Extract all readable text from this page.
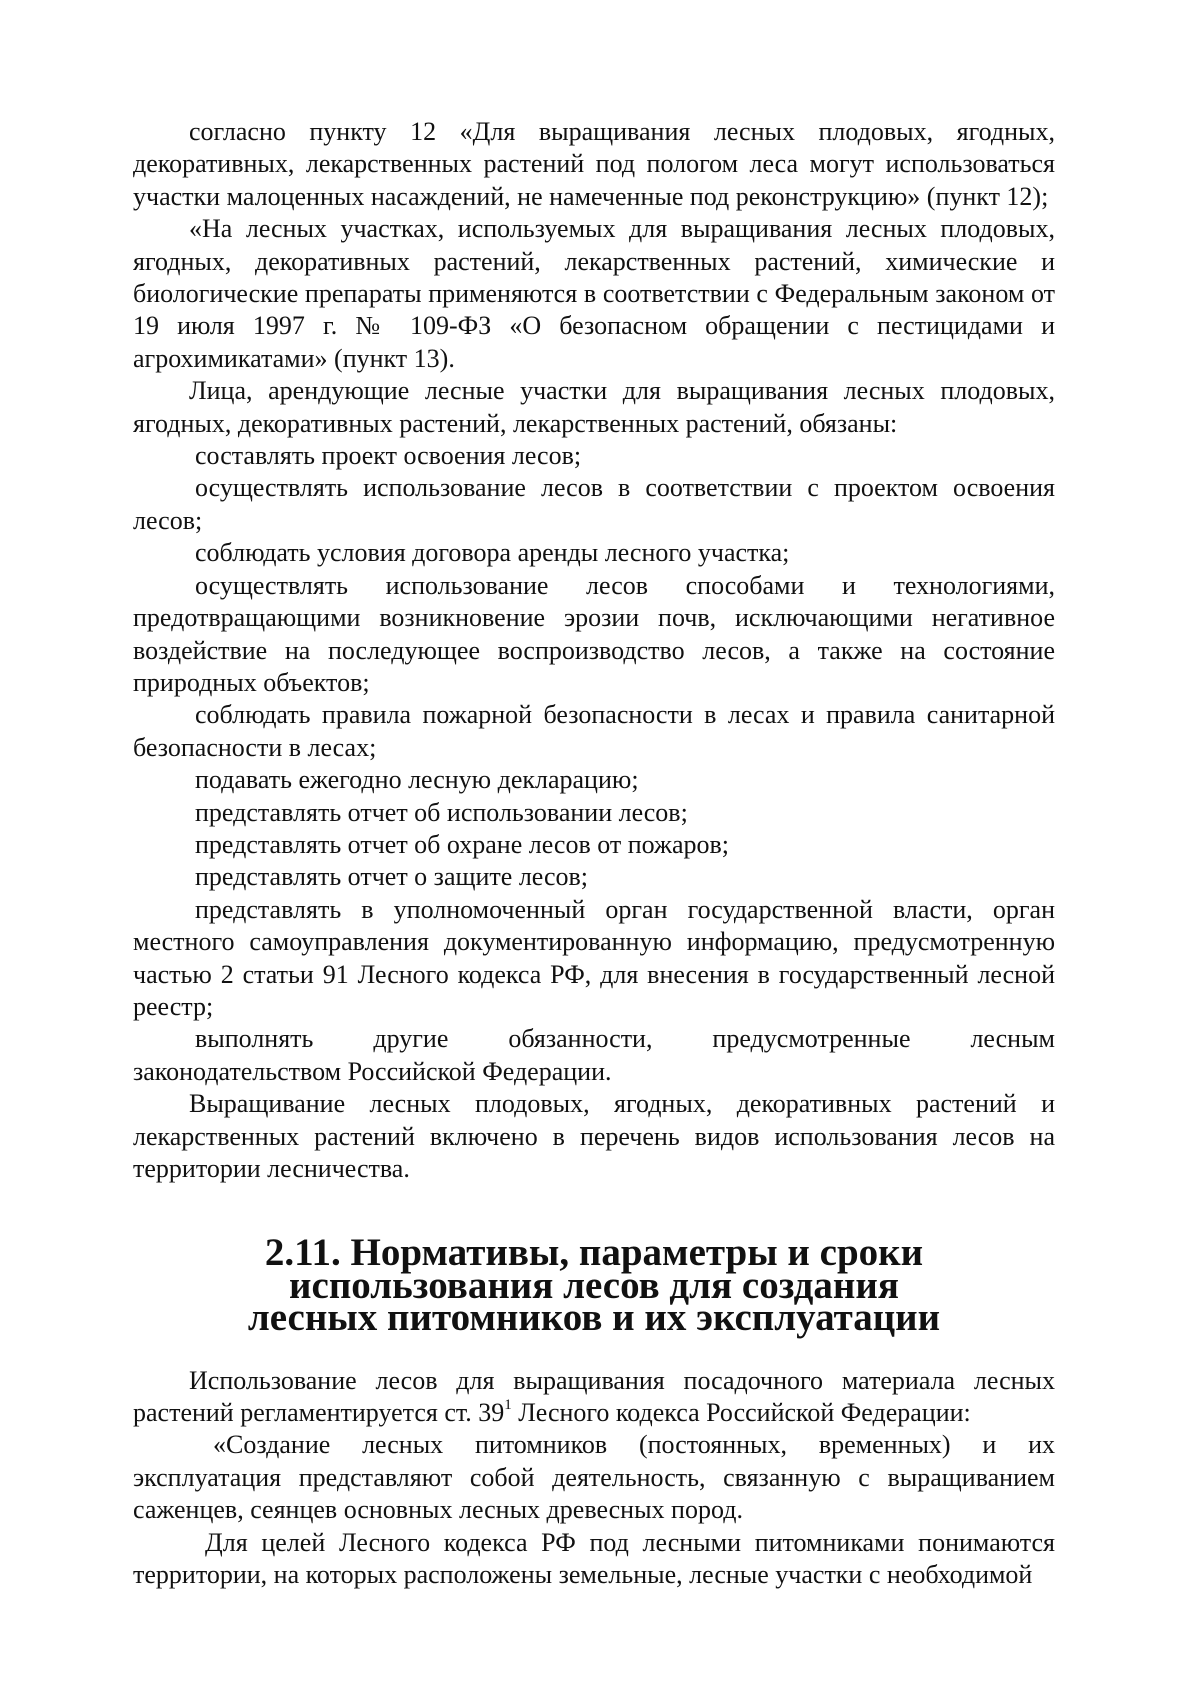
согласно пункту 12 «Для выращивания лесных плодовых, ягодных, декоративных, лекарственных растений под пологом леса могут использоваться участки малоценных насаждений, не намеченные под реконструкцию» (пункт 12);

«На лесных участках, используемых для выращивания лесных плодовых, ягодных, декоративных растений, лекарственных растений, химические и биологические препараты применяются в соответствии с Федеральным законом от 19 июля 1997 г. № 109-ФЗ «О безопасном обращении с пестицидами и агрохимикатами» (пункт 13).

Лица, арендующие лесные участки для выращивания лесных плодовых, ягодных, декоративных растений, лекарственных растений, обязаны:

составлять проект освоения лесов;

осуществлять использование лесов в соответствии с проектом освоения лесов;

соблюдать условия договора аренды лесного участка;

осуществлять использование лесов способами и технологиями, предотвращающими возникновение эрозии почв, исключающими негативное воздействие на последующее воспроизводство лесов, а также на состояние природных объектов;

соблюдать правила пожарной безопасности в лесах и правила санитарной безопасности в лесах;

подавать ежегодно лесную декларацию;

представлять отчет об использовании лесов;

представлять отчет об охране лесов от пожаров;

представлять отчет о защите лесов;

представлять в уполномоченный орган государственной власти, орган местного самоуправления документированную информацию, предусмотренную частью 2 статьи 91 Лесного кодекса РФ, для внесения в государственный лесной реестр;

выполнять другие обязанности, предусмотренные лесным законодательством Российской Федерации.

Выращивание лесных плодовых, ягодных, декоративных растений и лекарственных растений включено в перечень видов использования лесов на территории лесничества.

2.11. Нормативы, параметры и сроки использования лесов для создания
лесных питомников и их эксплуатации

Использование лесов для выращивания посадочного материала лесных растений регламентируется ст. $39^1$ Лесного кодекса Российской Федерации:

«Создание лесных питомников (постоянных, временных) и их эксплуатация представляют собой деятельность, связанную с выращиванием саженцев, сеянцев основных лесных древесных пород.

Для целей Лесного кодекса РФ под лесными питомниками понимаются территории, на которых расположены земельные, лесные участки с необходимой
